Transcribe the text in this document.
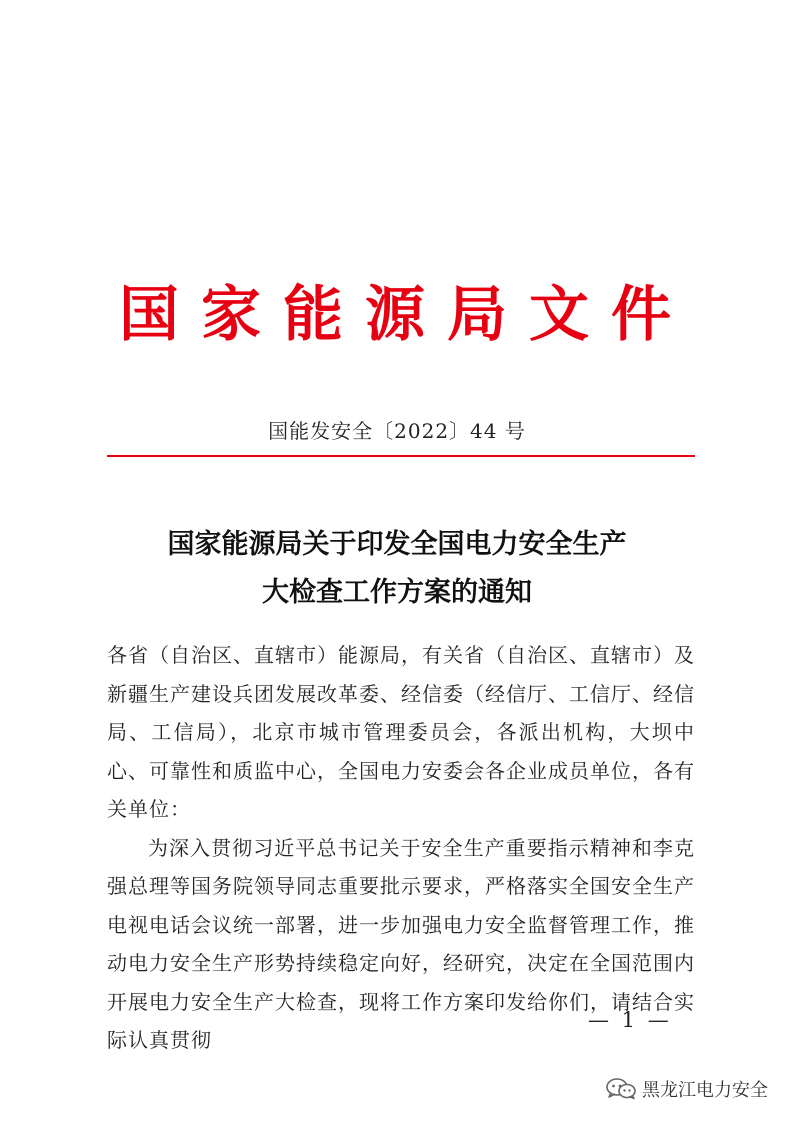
国家能源局文件
国能发安全〔2022〕44 号
国家能源局关于印发全国电力安全生产
大检查工作方案的通知

各省（自治区、直辖市）能源局，有关省（自治区、直辖市）及新疆生产建设兵团发展改革委、经信委（经信厅、工信厅、经信局、工信局），北京市城市管理委员会，各派出机构，大坝中心、可靠性和质监中心，全国电力安委会各企业成员单位，各有关单位：

为深入贯彻习近平总书记关于安全生产重要指示精神和李克强总理等国务院领导同志重要批示要求，严格落实全国安全生产电视电话会议统一部署，进一步加强电力安全监督管理工作，推动电力安全生产形势持续稳定向好，经研究，决定在全国范围内开展电力安全生产大检查，现将工作方案印发给你们，请结合实际认真贯彻

— 1 —
黑龙江电力安全
